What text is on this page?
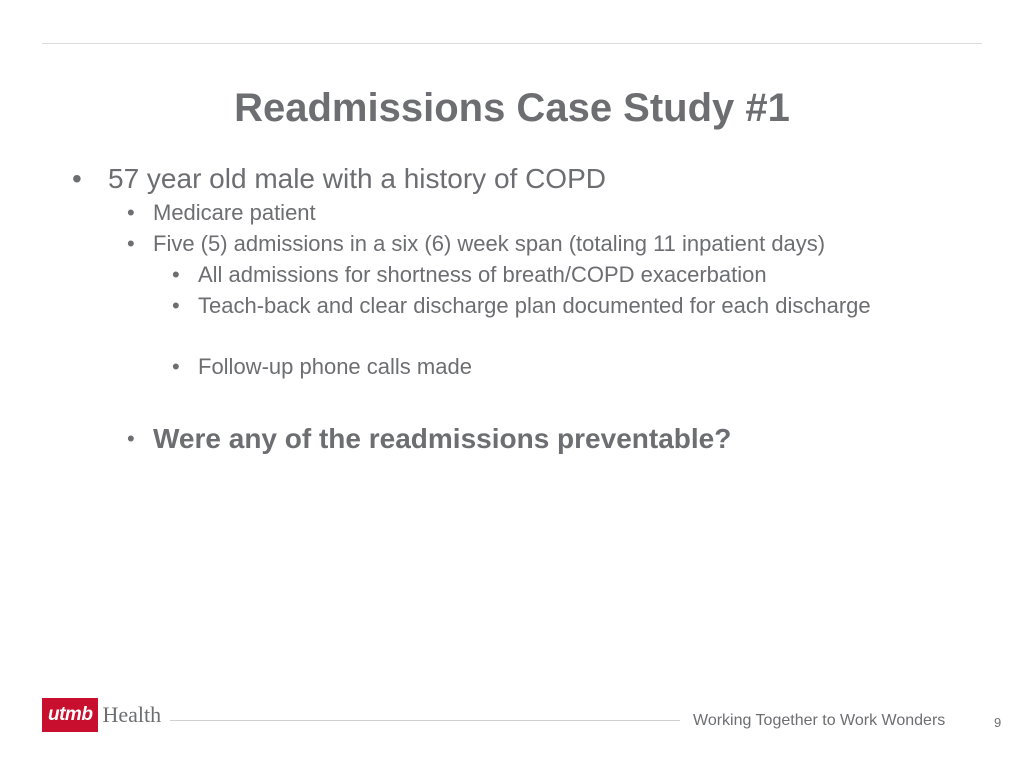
Readmissions Case Study #1

• 57 year old male with a history of COPD

• Medicare patient

• Five (5) admissions in a six (6) week span (totaling 11 inpatient days)

• All admissions for shortness of breath/COPD exacerbation

• Teach-back and clear discharge plan documented for each discharge

• Follow-up phone calls made

• Were any of the readmissions preventable?

utmb Health	Working Together to Work Wonders	9
